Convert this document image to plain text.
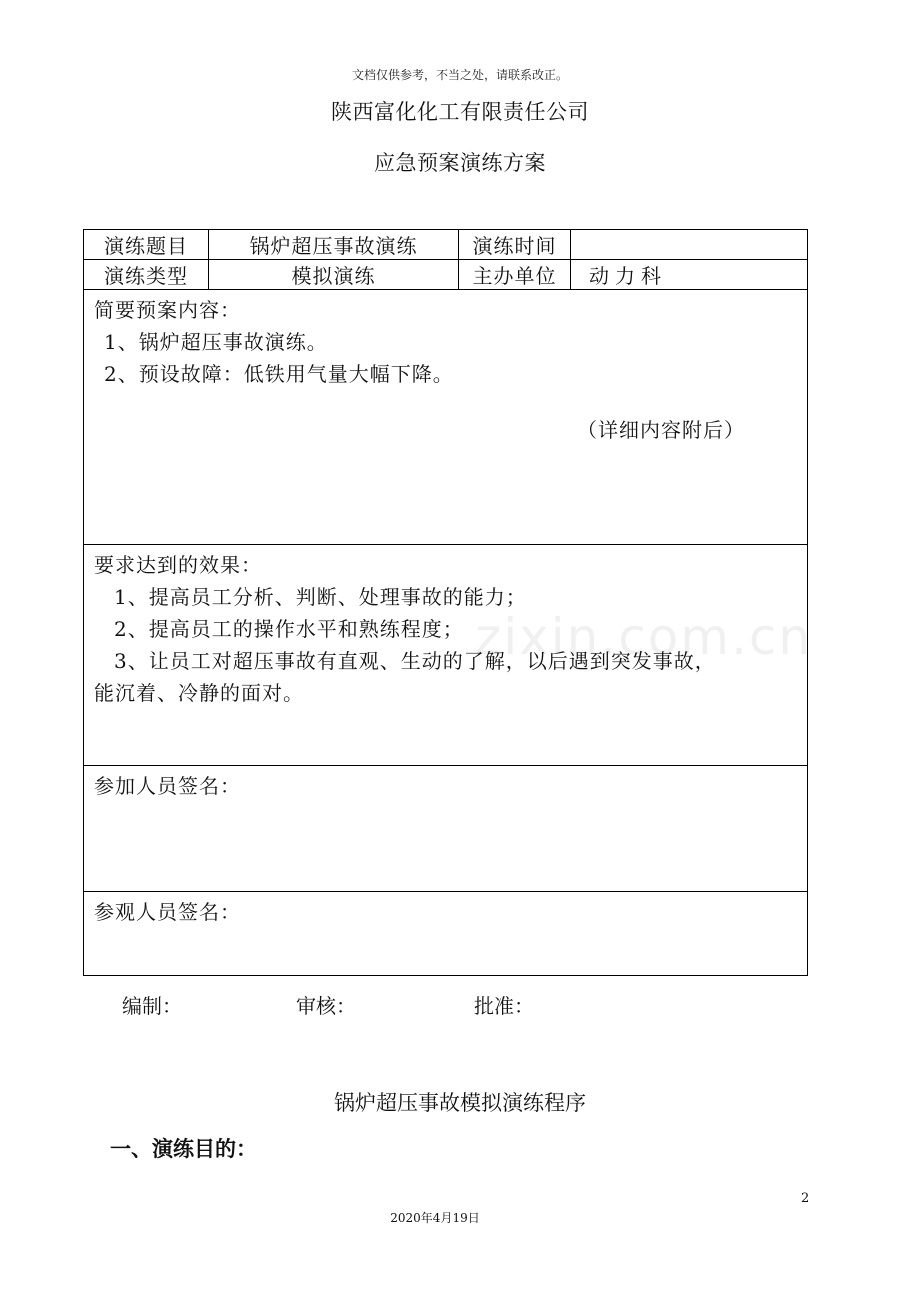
文档仅供参考，不当之处，请联系改正。
陕西富化化工有限责任公司
应急预案演练方案
zixin.com.cn
演练题目	锅炉超压事故演练	演练时间	
演练类型	模拟演练	主办单位	动力科

简要预案内容：
1、锅炉超压事故演练。
2、预设故障：低铁用气量大幅下降。
（详细内容附后）			

要求达到的效果：
1、提高员工分析、判断、处理事故的能力；
2、提高员工的操作水平和熟练程度；
3、让员工对超压事故有直观、生动的了解，以后遇到突发事故，
能沉着、冷静的面对。			

参加人员签名：			

参观人员签名：			
编制：	审核：	批准：
锅炉超压事故模拟演练程序
一、演练目的：
2
2020年4月19日
